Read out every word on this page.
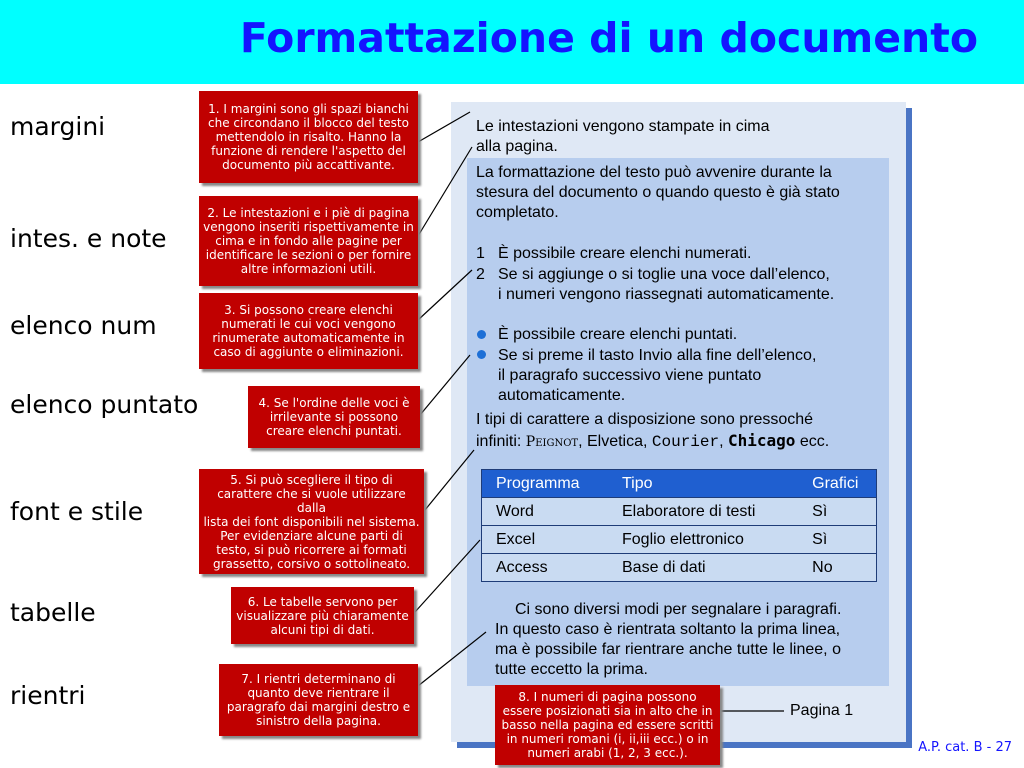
Formattazione di un documento
margini
intes. e note
elenco num
elenco puntato
font e stile
tabelle
rientri
Le intestazioni vengono stampate in cima
alla pagina.
La formattazione del testo può avvenire durante la
stesura del documento o quando questo è già stato
completato.
1 È possibile creare elenchi numerati.
2 Se si aggiunge o si toglie una voce dall’elenco,
i numeri vengono riassegnati automaticamente.
È possibile creare elenchi puntati.
Se si preme il tasto Invio alla fine dell’elenco,
il paragrafo successivo viene puntato
automaticamente.
I tipi di carattere a disposizione sono pressoché
infiniti: Peignot, Elvetica, Courier, Chicago ecc.
Programma	Tipo	Grafici
Word	Elaboratore di testi	Sì
Excel	Foglio elettronico	Sì
Access	Base di dati	No
Ci sono diversi modi per segnalare i paragrafi.
In questo caso è rientrata soltanto la prima linea,
ma è possibile far rientrare anche tutte le linee, o
tutte eccetto la prima.
Pagina 1
1. I margini sono gli spazi bianchi
che circondano il blocco del testo
mettendolo in risalto. Hanno la
funzione di rendere l'aspetto del
documento più accattivante.
2. Le intestazioni e i piè di pagina
vengono inseriti rispettivamente in
cima e in fondo alle pagine per
identificare le sezioni o per fornire
altre informazioni utili.
3. Si possono creare elenchi
numerati le cui voci vengono
rinumerate automaticamente in
caso di aggiunte o eliminazioni.
4. Se l'ordine delle voci è
irrilevante si possono
creare elenchi puntati.
5. Si può scegliere il tipo di
carattere che si vuole utilizzare dalla
lista dei font disponibili nel sistema.
Per evidenziare alcune parti di
testo, si può ricorrere ai formati
grassetto, corsivo o sottolineato.
6. Le tabelle servono per
visualizzare più chiaramente
alcuni tipi di dati.
7. I rientri determinano di
quanto deve rientrare il
paragrafo dai margini destro e
sinistro della pagina.
8. I numeri di pagina possono
essere posizionati sia in alto che in
basso nella pagina ed essere scritti
in numeri romani (i, ii,iii ecc.) o in
numeri arabi (1, 2, 3 ecc.).	A.P. cat. B - 27
